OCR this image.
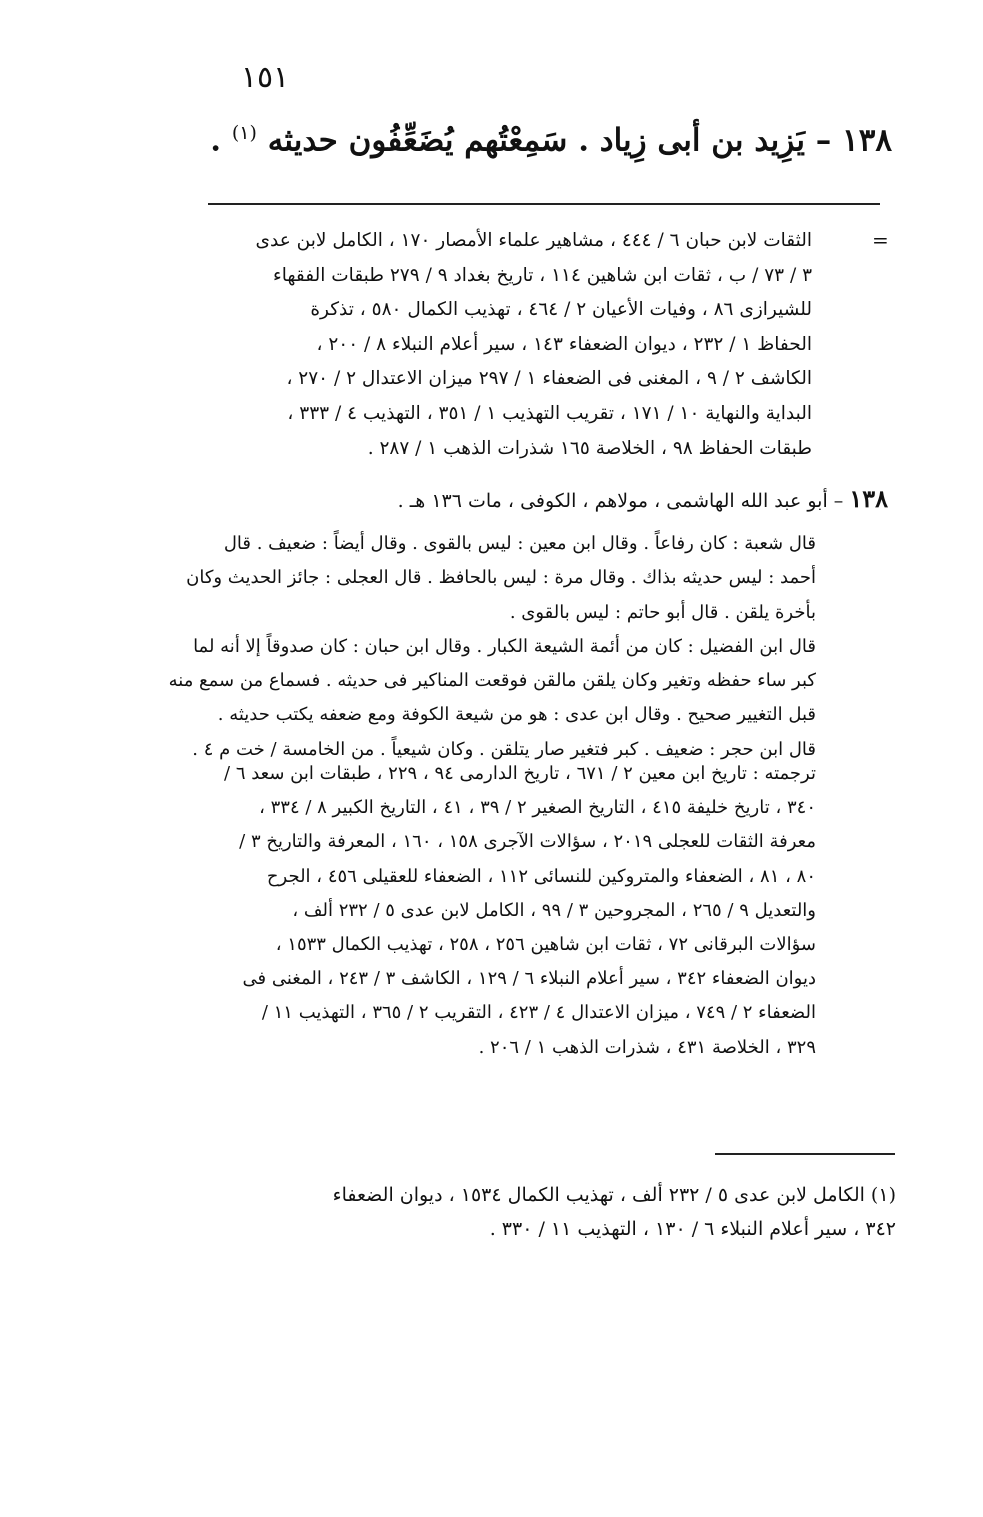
١٥١
١٣٨ – يَزِيد بن أبى زِياد . سَمِعْتُهم يُضَعِّفُون حديثه $^{(١)}$ .
=
الثقات لابن حبان ٦ / ٤٤٤ ، مشاهير علماء الأمصار ١٧٠ ، الكامل لابن عدى
٣ / ٧٣ / ب ، ثقات ابن شاهين ١١٤ ، تاريخ بغداد ٩ / ٢٧٩ طبقات الفقهاء
للشيرازى ٨٦ ، وفيات الأعيان ٢ / ٤٦٤ ، تهذيب الكمال ٥٨٠ ، تذكرة
الحفاظ ١ / ٢٣٢ ، ديوان الضعفاء ١٤٣ ، سير أعلام النبلاء ٨ / ٢٠٠ ،
الكاشف ٢ / ٩ ، المغنى فى الضعفاء ١ / ٢٩٧ ميزان الاعتدال ٢ / ٢٧٠ ،
البداية والنهاية ١٠ / ١٧١ ، تقريب التهذيب ١ / ٣٥١ ، التهذيب ٤ / ٣٣٣ ،
طبقات الحفاظ ٩٨ ، الخلاصة ١٦٥ شذرات الذهب ١ / ٢٨٧ .
١٣٨ – أبو عبد الله الهاشمى ، مولاهم ، الكوفى ، مات ١٣٦ هـ .
قال شعبة : كان رفاعاً . وقال ابن معين : ليس بالقوى . وقال أيضاً : ضعيف . قال
أحمد : ليس حديثه بذاك . وقال مرة : ليس بالحافظ . قال العجلى : جائز الحديث وكان
بأخرة يلقن . قال أبو حاتم : ليس بالقوى .
قال ابن الفضيل : كان من أئمة الشيعة الكبار . وقال ابن حبان : كان صدوقاً إلا أنه لما
كبر ساء حفظه وتغير وكان يلقن مالقن فوقعت المناكير فى حديثه . فسماع من سمع منه
قبل التغيير صحيح . وقال ابن عدى : هو من شيعة الكوفة ومع ضعفه يكتب حديثه .
قال ابن حجر : ضعيف . كبر فتغير صار يتلقن . وكان شيعياً . من الخامسة / خت م ٤ .
ترجمته : تاريخ ابن معين ٢ / ٦٧١ ، تاريخ الدارمى ٩٤ ، ٢٢٩ ، طبقات ابن سعد ٦ /
٣٤٠ ، تاريخ خليفة ٤١٥ ، التاريخ الصغير ٢ / ٣٩ ، ٤١ ، التاريخ الكبير ٨ / ٣٣٤ ،
معرفة الثقات للعجلى ٢٠١٩ ، سؤالات الآجرى ١٥٨ ، ١٦٠ ، المعرفة والتاريخ ٣ /
٨٠ ، ٨١ ، الضعفاء والمتروكين للنسائى ١١٢ ، الضعفاء للعقيلى ٤٥٦ ، الجرح
والتعديل ٩ / ٢٦٥ ، المجروحين ٣ / ٩٩ ، الكامل لابن عدى ٥ / ٢٣٢ ألف ،
سؤالات البرقانى ٧٢ ، ثقات ابن شاهين ٢٥٦ ، ٢٥٨ ، تهذيب الكمال ١٥٣٣ ،
ديوان الضعفاء ٣٤٢ ، سير أعلام النبلاء ٦ / ١٢٩ ، الكاشف ٣ / ٢٤٣ ، المغنى فى
الضعفاء ٢ / ٧٤٩ ، ميزان الاعتدال ٤ / ٤٢٣ ، التقريب ٢ / ٣٦٥ ، التهذيب ١١ /
٣٢٩ ، الخلاصة ٤٣١ ، شذرات الذهب ١ / ٢٠٦ .
(١) الكامل لابن عدى ٥ / ٢٣٢ ألف ، تهذيب الكمال ١٥٣٤ ، ديوان الضعفاء
٣٤٢ ، سير أعلام النبلاء ٦ / ١٣٠ ، التهذيب ١١ / ٣٣٠ .
